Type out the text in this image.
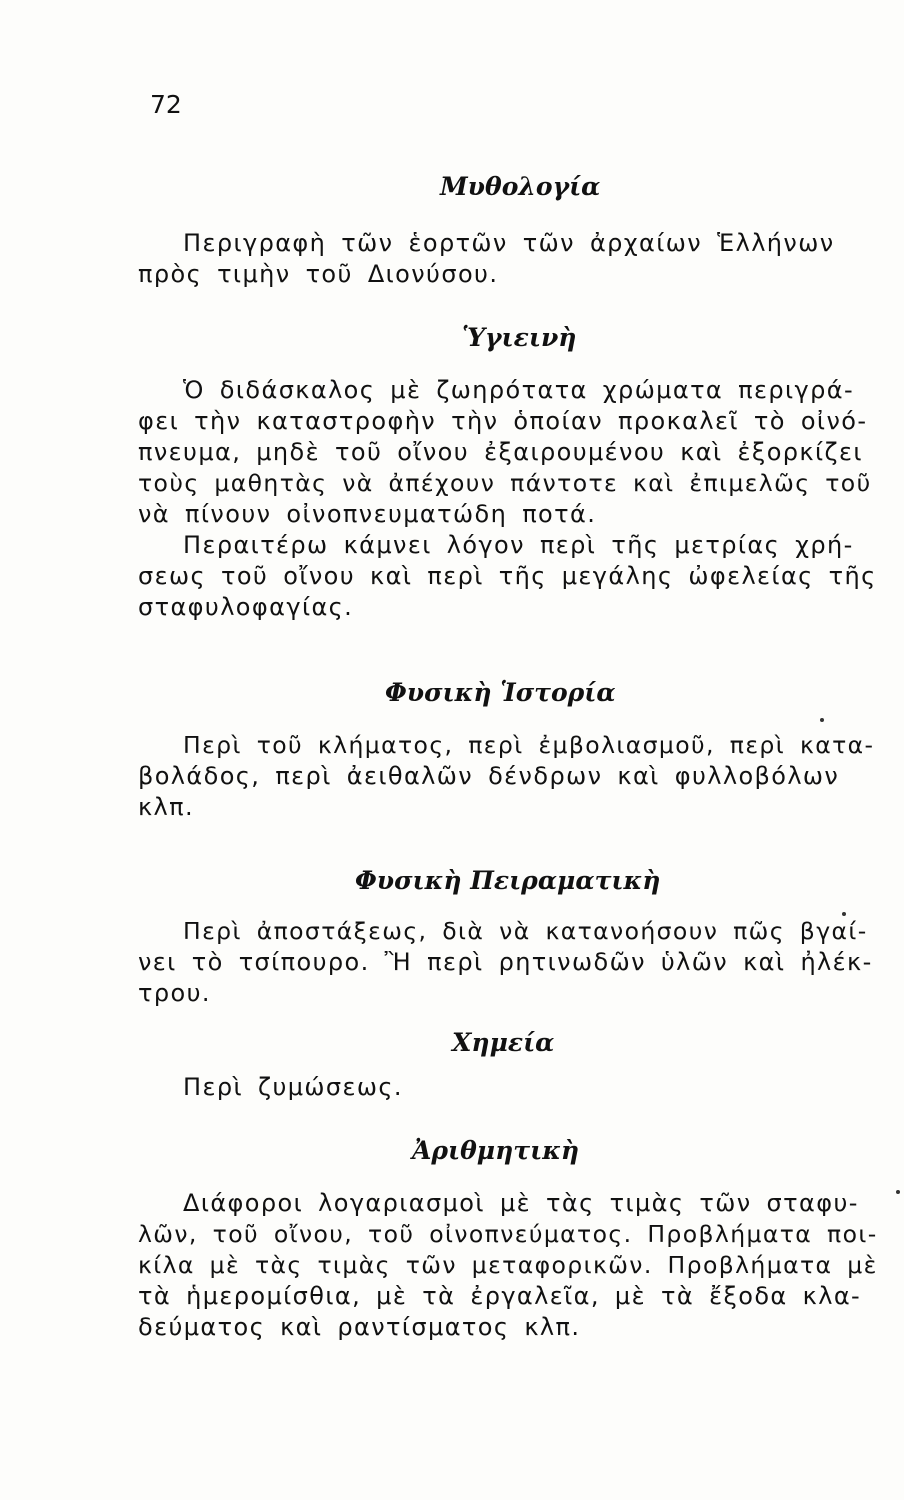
72
Μυθολογία
Περιγραφὴ τῶν ἑορτῶν τῶν ἀρχαίων Ἑλλήνων
πρὸς τιμὴν τοῦ Διονύσου.
Ὑγιεινὴ
Ὁ διδάσκαλος μὲ ζωηρότατα χρώματα περιγρά-
φει τὴν καταστροφὴν τὴν ὁποίαν προκαλεῖ τὸ οἰνό-
πνευμα, μηδὲ τοῦ οἴνου ἐξαιρουμένου καὶ ἐξορκίζει
τοὺς μαθητὰς νὰ ἀπέχουν πάντοτε καὶ ἐπιμελῶς τοῦ
νὰ πίνουν οἰνοπνευματώδη ποτά.
Περαιτέρω κάμνει λόγον περὶ τῆς μετρίας χρή-
σεως τοῦ οἴνου καὶ περὶ τῆς μεγάλης ὠφελείας τῆς
σταφυλοφαγίας.
Φυσικὴ Ἱστορία
Περὶ τοῦ κλήματος, περὶ ἐμβολιασμοῦ, περὶ κατα-
βολάδος, περὶ ἀειθαλῶν δένδρων καὶ φυλλοβόλων
κλπ.
Φυσικὴ Πειραματικὴ
Περὶ ἀποστάξεως, διὰ νὰ κατανοήσουν πῶς βγαί-
νει τὸ τσίπουρο. Ἢ περὶ ρητινωδῶν ὑλῶν καὶ ἠλέκ-
τρου.
Χημεία
Περὶ ζυμώσεως.
Ἀριθμητικὴ
Διάφοροι λογαριασμοὶ μὲ τὰς τιμὰς τῶν σταφυ-
λῶν, τοῦ οἴνου, τοῦ οἰνοπνεύματος. Προβλήματα ποι-
κίλα μὲ τὰς τιμὰς τῶν μεταφορικῶν. Προβλήματα μὲ
τὰ ἡμερομίσθια, μὲ τὰ ἐργαλεῖα, μὲ τὰ ἔξοδα κλα-
δεύματος καὶ ραντίσματος κλπ.
